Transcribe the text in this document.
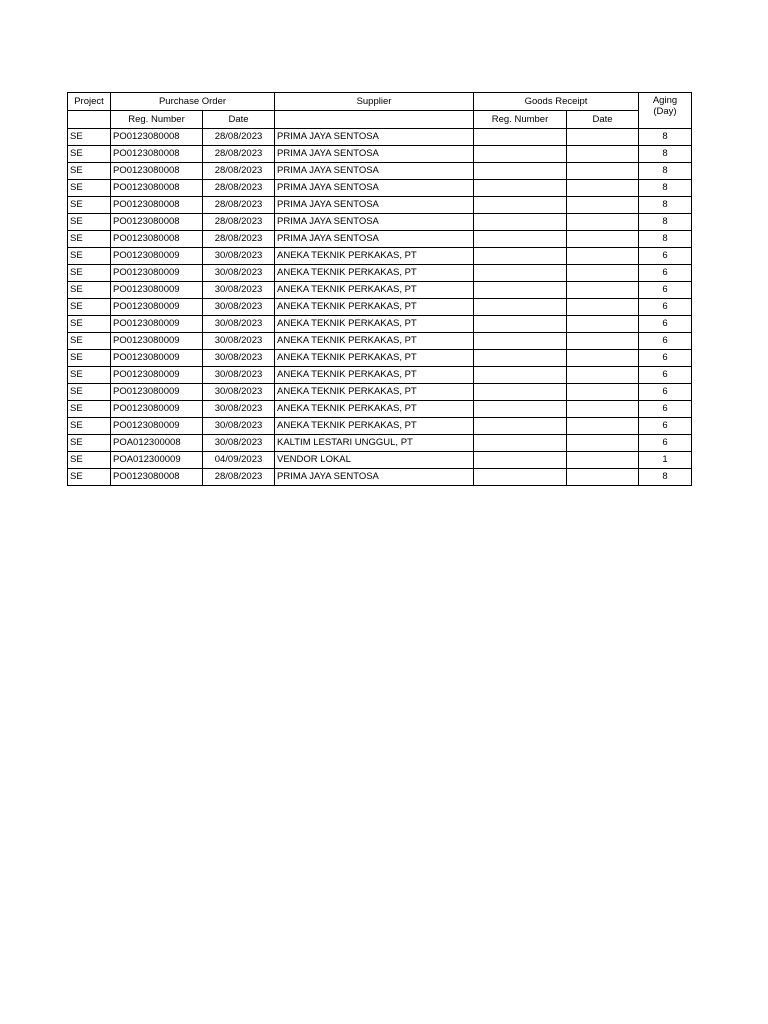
Project	Purchase Order		Supplier	Goods Receipt		Aging
(Day)

	Reg. Number	Date		Reg. Number	Date	
SE	PO0123080008	28/08/2023	PRIMA JAYA SENTOSA			8
SE	PO0123080008	28/08/2023	PRIMA JAYA SENTOSA			8
SE	PO0123080008	28/08/2023	PRIMA JAYA SENTOSA			8
SE	PO0123080008	28/08/2023	PRIMA JAYA SENTOSA			8
SE	PO0123080008	28/08/2023	PRIMA JAYA SENTOSA			8
SE	PO0123080008	28/08/2023	PRIMA JAYA SENTOSA			8
SE	PO0123080008	28/08/2023	PRIMA JAYA SENTOSA			8
SE	PO0123080009	30/08/2023	ANEKA TEKNIK PERKAKAS, PT			6
SE	PO0123080009	30/08/2023	ANEKA TEKNIK PERKAKAS, PT			6
SE	PO0123080009	30/08/2023	ANEKA TEKNIK PERKAKAS, PT			6
SE	PO0123080009	30/08/2023	ANEKA TEKNIK PERKAKAS, PT			6
SE	PO0123080009	30/08/2023	ANEKA TEKNIK PERKAKAS, PT			6
SE	PO0123080009	30/08/2023	ANEKA TEKNIK PERKAKAS, PT			6
SE	PO0123080009	30/08/2023	ANEKA TEKNIK PERKAKAS, PT			6
SE	PO0123080009	30/08/2023	ANEKA TEKNIK PERKAKAS, PT			6
SE	PO0123080009	30/08/2023	ANEKA TEKNIK PERKAKAS, PT			6
SE	PO0123080009	30/08/2023	ANEKA TEKNIK PERKAKAS, PT			6
SE	PO0123080009	30/08/2023	ANEKA TEKNIK PERKAKAS, PT			6
SE	POA012300008	30/08/2023	KALTIM LESTARI UNGGUL, PT			6
SE	POA012300009	04/09/2023	VENDOR LOKAL			1
SE	PO0123080008	28/08/2023	PRIMA JAYA SENTOSA			8
